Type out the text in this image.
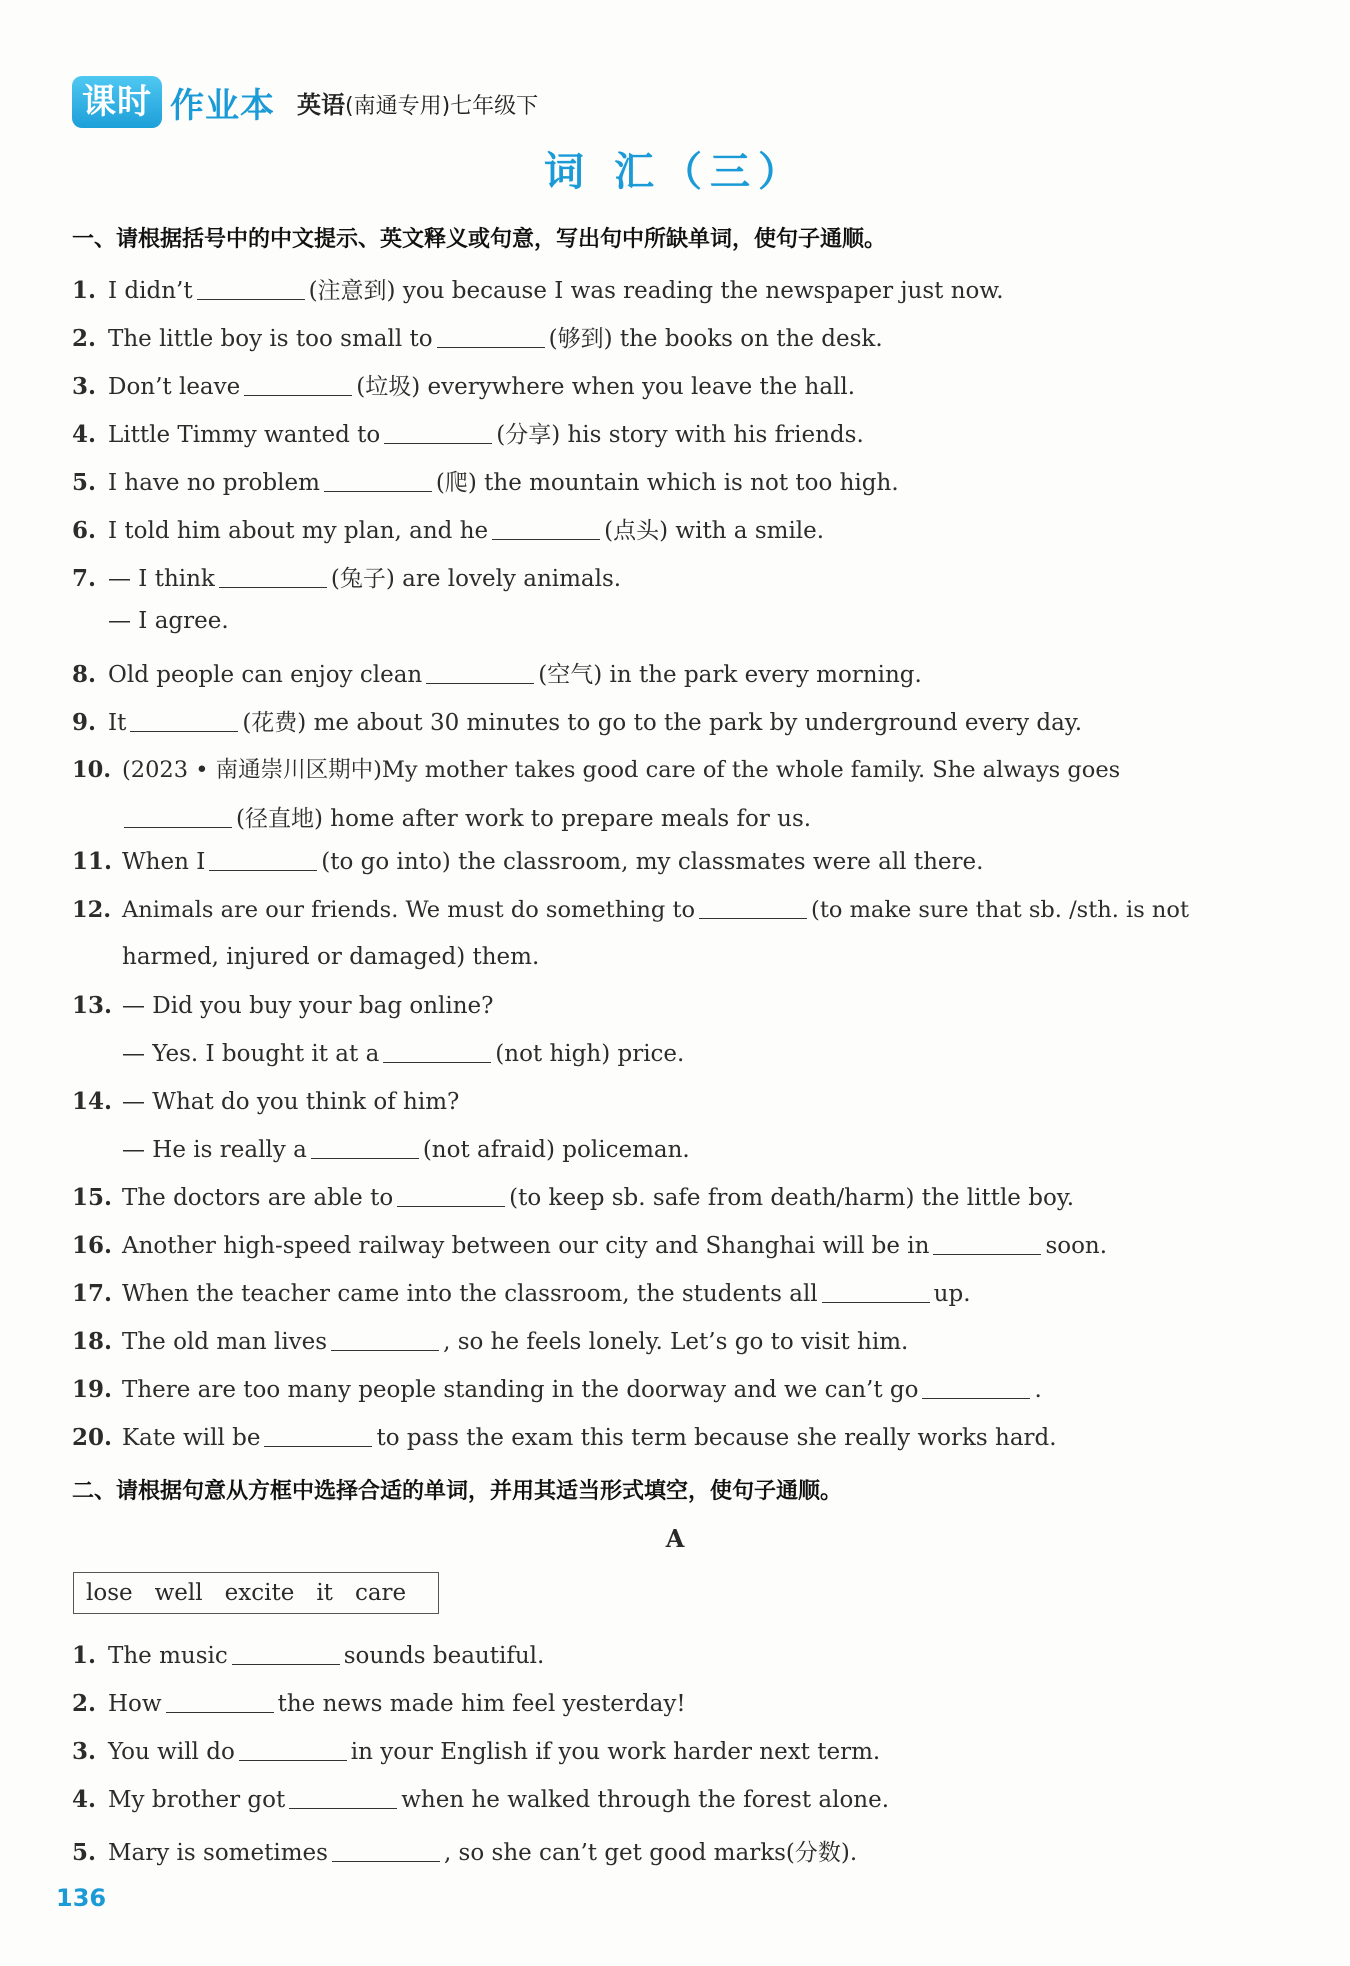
课时 作业本 英语(南通专用)七年级下
词 汇（三）
一、请根据括号中的中文提示、英文释义或句意，写出句中所缺单词，使句子通顺。
1. I didn’t	(注意到) you because I was reading the newspaper just now.
2. The little boy is too small to	(够到) the books on the desk.
3. Don’t leave	(垃圾) everywhere when you leave the hall.
4. Little Timmy wanted to	(分享) his story with his friends.
5. I have no problem	(爬) the mountain which is not too high.
6. I told him about my plan, and he	(点头) with a smile.
7. — I think	(兔子) are lovely animals.
— I agree.
8. Old people can enjoy clean	(空气) in the park every morning.
9. It	(花费) me about 30 minutes to go to the park by underground every day.
10. (2023 • 南通崇川区期中)My mother takes good care of the whole family. She always goes
(径直地) home after work to prepare meals for us.
11. When I	(to go into) the classroom, my classmates were all there.
12. Animals are our friends. We must do something to	(to make sure that sb. /sth. is not
harmed, injured or damaged) them.
13. — Did you buy your bag online?
— Yes. I bought it at a	(not high) price.
14. — What do you think of him?
— He is really a	(not afraid) policeman.
15. The doctors are able to	(to keep sb. safe from death/harm) the little boy.
16. Another high-speed railway between our city and Shanghai will be in	soon.
17. When the teacher came into the classroom, the students all	up.
18. The old man lives	, so he feels lonely. Let’s go to visit him.
19. There are too many people standing in the doorway and we can’t go	.
20. Kate will be	to pass the exam this term because she really works hard.
二、请根据句意从方框中选择合适的单词，并用其适当形式填空，使句子通顺。
A
lose well excite it care
1. The music	sounds beautiful.
2. How	the news made him feel yesterday!
3. You will do	in your English if you work harder next term.
4. My brother got	when he walked through the forest alone.
5. Mary is sometimes	, so she can’t get good marks(分数).
136
